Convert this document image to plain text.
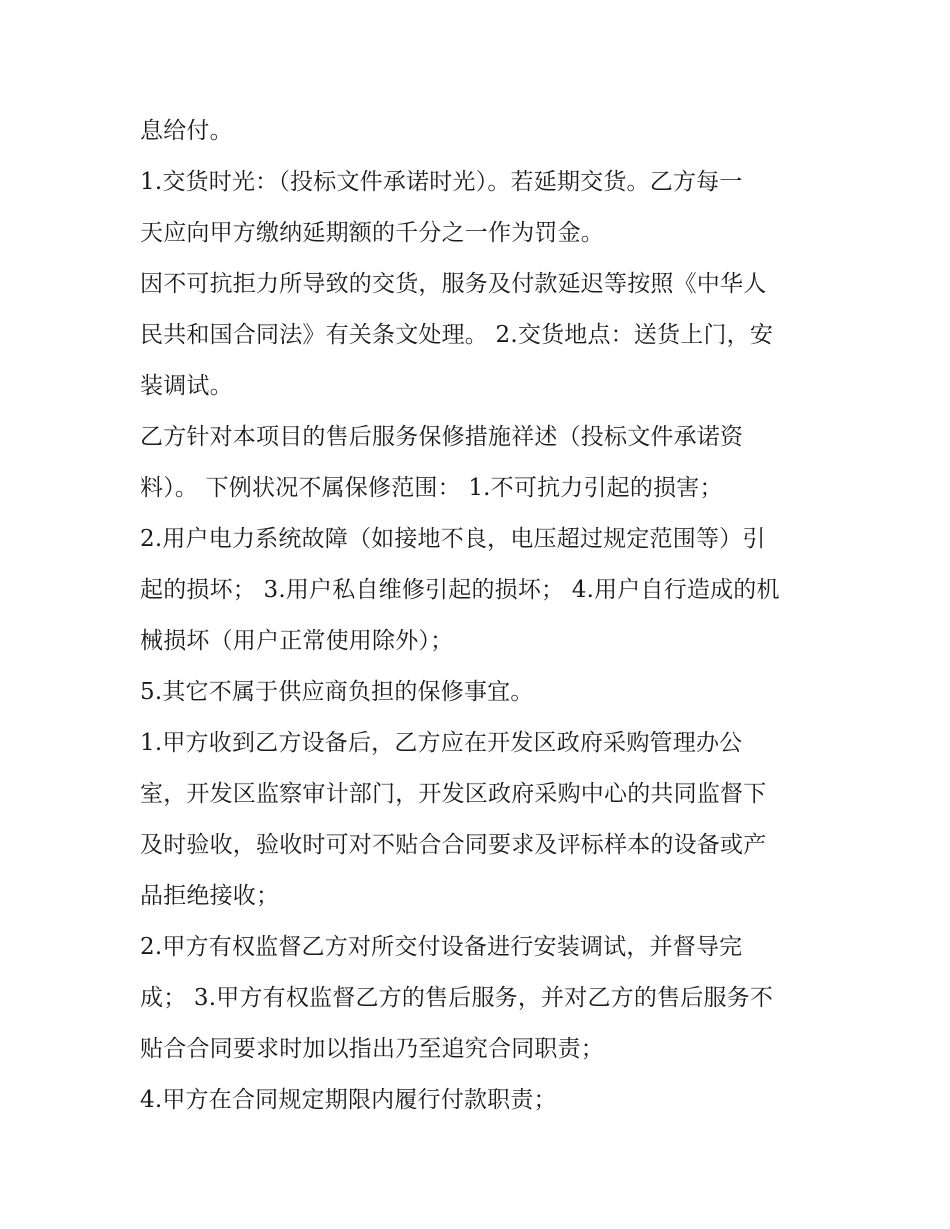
息给付。
1.交货时光：（投标文件承诺时光）。若延期交货。乙方每一
天应向甲方缴纳延期额的千分之一作为罚金。
因不可抗拒力所导致的交货，服务及付款延迟等按照《中华人
民共和国合同法》有关条文处理。 2.交货地点：送货上门，安
装调试。
乙方针对本项目的售后服务保修措施祥述（投标文件承诺资
料）。 下例状况不属保修范围： 1.不可抗力引起的损害；
2.用户电力系统故障（如接地不良，电压超过规定范围等）引
起的损坏； 3.用户私自维修引起的损坏； 4.用户自行造成的机
械损坏（用户正常使用除外）；
5.其它不属于供应商负担的保修事宜。
1.甲方收到乙方设备后，乙方应在开发区政府采购管理办公
室，开发区监察审计部门，开发区政府采购中心的共同监督下
及时验收，验收时可对不贴合合同要求及评标样本的设备或产
品拒绝接收；
2.甲方有权监督乙方对所交付设备进行安装调试，并督导完
成； 3.甲方有权监督乙方的售后服务，并对乙方的售后服务不
贴合合同要求时加以指出乃至追究合同职责；
4.甲方在合同规定期限内履行付款职责；
